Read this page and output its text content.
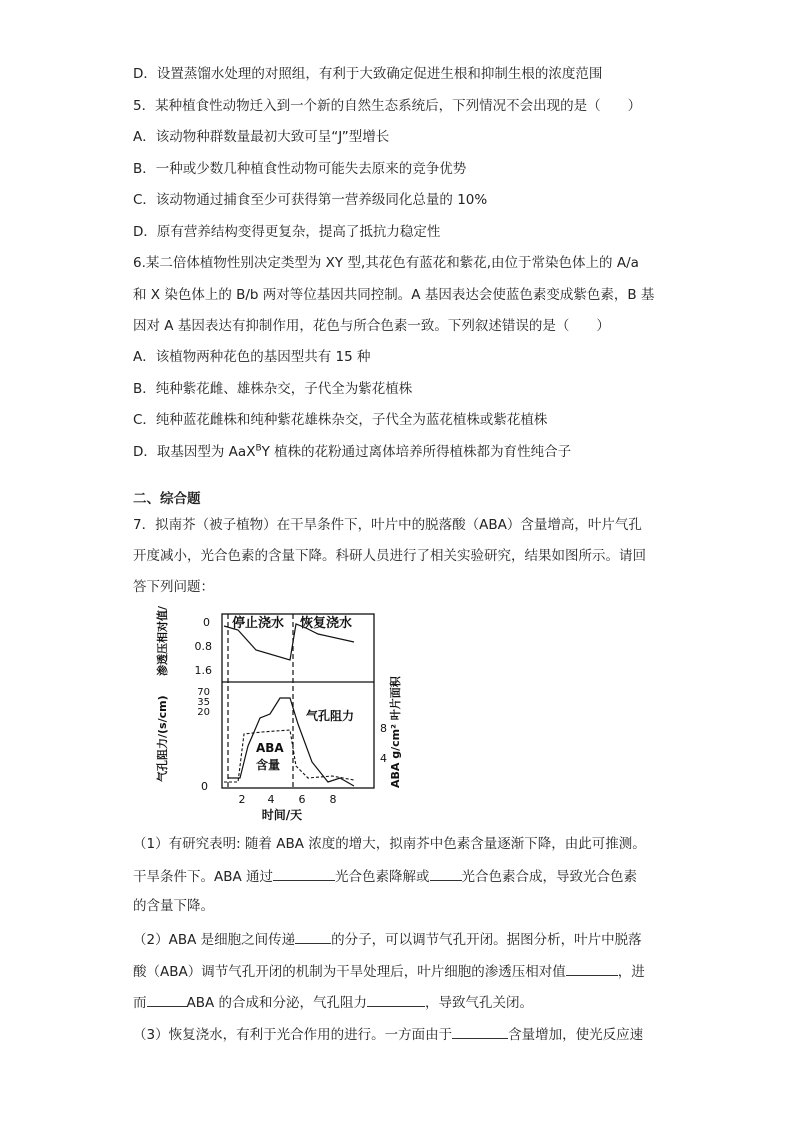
D．设置蒸馏水处理的对照组，有利于大致确定促进生根和抑制生根的浓度范围
5．某种植食性动物迁入到一个新的自然生态系统后，下列情况不会出现的是（　　）
A．该动物种群数量最初大致可呈“J”型增长
B．一种或少数几种植食性动物可能失去原来的竞争优势
C．该动物通过捕食至少可获得第一营养级同化总量的 10%
D．原有营养结构变得更复杂，提高了抵抗力稳定性
6.某二倍体植物性别决定类型为 XY 型,其花色有蓝花和紫花,由位于常染色体上的 A/a
和 X 染色体上的 B/b 两对等位基因共同控制。A 基因表达会使蓝色素变成紫色素，B 基
因对 A 基因表达有抑制作用，花色与所合色素一致。下列叙述错误的是（　　）
A．该植物两种花色的基因型共有 15 种
B．纯种紫花雌、雄株杂交，子代全为紫花植株
C．纯种蓝花雌株和纯种紫花雄株杂交，子代全为蓝花植株或紫花植株
D．取基因型为 AaX$^B$Y 植株的花粉通过离体培养所得植株都为育性纯合子
二、综合题
7．拟南芥（被子植物）在干旱条件下，叶片中的脱落酸（ABA）含量增高，叶片气孔
开度减小，光合色素的含量下降。科研人员进行了相关实验研究，结果如图所示。请回
答下列问题：
停止浇水 恢复浇水
0
0.8
1.6
渗透压相对值/Mp3
70
35
20
0
气孔阻力/(s/cm)	8
4 ABA g/cm² 叶片面积
2 4 6 8
时间/天
气孔阻力
ABA
含量
（1）有研究表明: 随着 ABA 浓度的增大，拟南芥中色素含量逐渐下降，由此可推测。
干旱条件下。ABA 通过	光合色素降解或 光合色素合成，导致光合色素
的含量下降。
（2）ABA 是细胞之间传递	的分子，可以调节气孔开闭。据图分析，叶片中脱落
酸（ABA）调节气孔开闭的机制为干旱处理后，叶片细胞的渗透压相对值	，进
而	ABA 的合成和分泌，气孔阻力	，导致气孔关闭。
（3）恢复浇水，有利于光合作用的进行。一方面由于	含量增加，使光反应速
